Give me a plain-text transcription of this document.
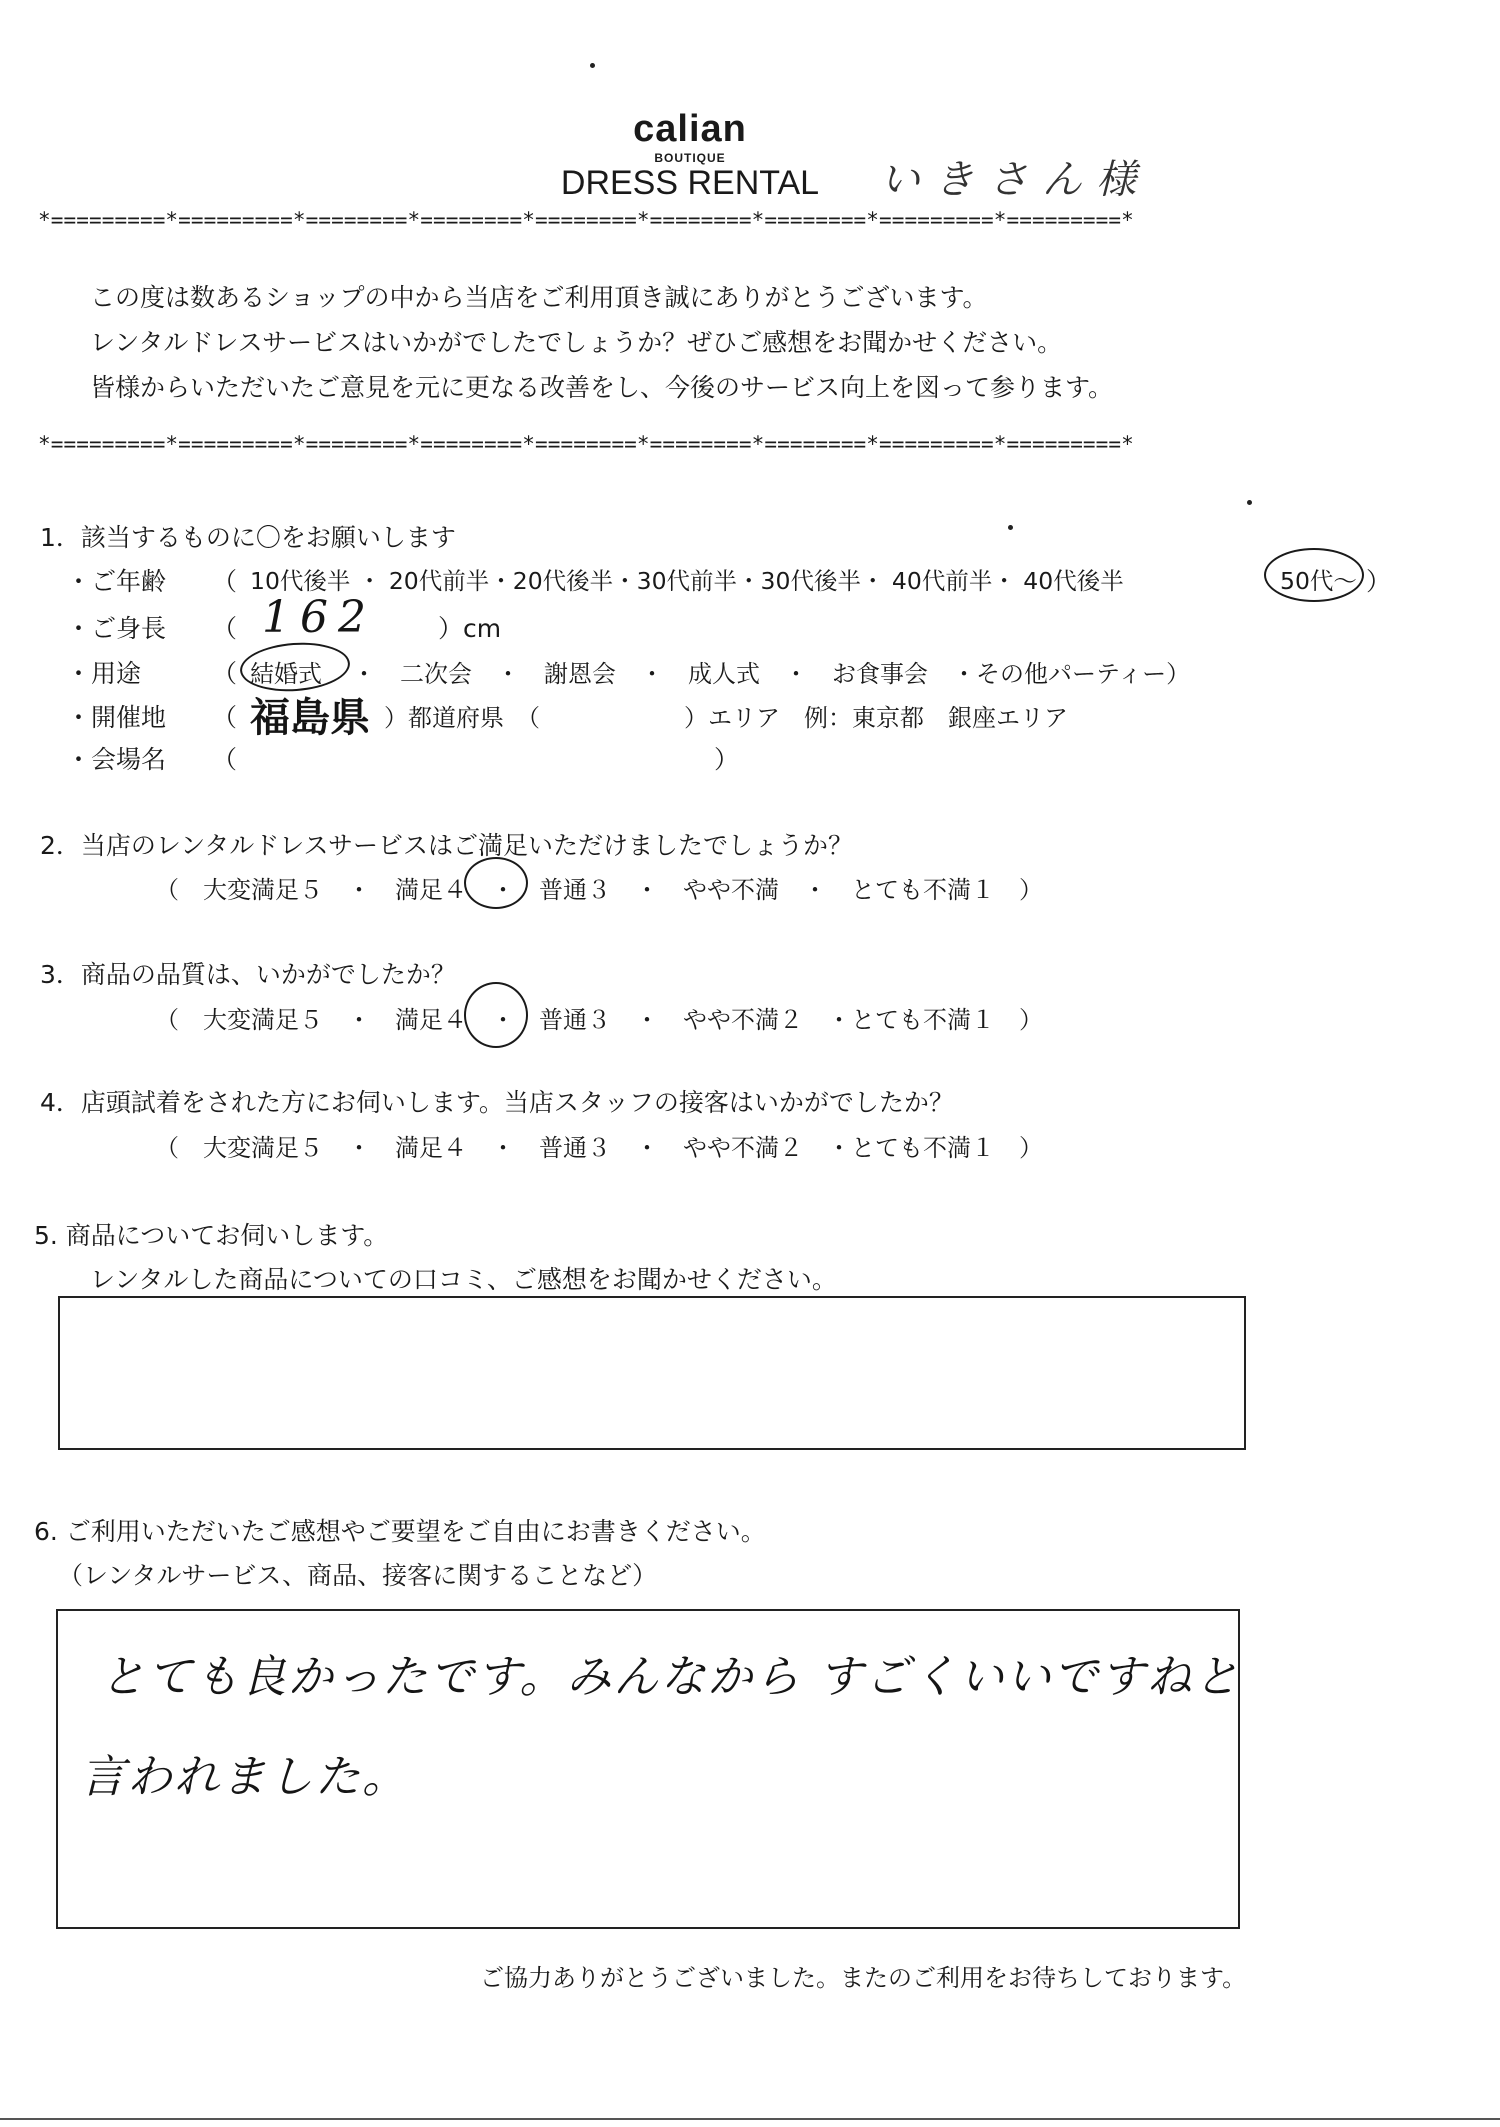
calian
BOUTIQUE
DRESS RENTAL	いきさん様
*=========*=========*========*========*========*========*========*=========*=========*
この度は数あるショップの中から当店をご利用頂き誠にありがとうございます。
レンタルドレスサービスはいかがでしたでしょうか？ぜひご感想をお聞かせください。
皆様からいただいたご意見を元に更なる改善をし、今後のサービス向上を図って参ります。
*=========*=========*========*========*========*========*========*=========*=========*
1．該当するものに〇をお願いします
・ご年齢 （ 10代後半 ・ 20代前半・20代後半・30代前半・30代後半・ 40代前半・ 40代後半	50代～ ）
・ご身長 （ 162 ）cm
・用途	（ 結婚式 ・　二次会　・　謝恩会　・　成人式　・　お食事会　・その他パーティー）
・開催地 （ 福島県 ）都道府県　（　　　　　　）エリア　例：東京都　銀座エリア
・会場名 （	）
2．当店のレンタルドレスサービスはご満足いただけましたでしょうか？
（　大変満足５　・　満足４　・　普通３　・　やや不満　・　とても不満１　）
3．商品の品質は、いかがでしたか？
（　大変満足５　・　満足４　・　普通３　・　やや不満２　・とても不満１　）
4．店頭試着をされた方にお伺いします。当店スタッフの接客はいかがでしたか？
（　大変満足５　・　満足４　・　普通３　・　やや不満２　・とても不満１　）
5. 商品についてお伺いします。
レンタルした商品についての口コミ、ご感想をお聞かせください。
6. ご利用いただいたご感想やご要望をご自由にお書きください。
（レンタルサービス、商品、接客に関することなど）
とても良かったです。みんなから すごくいいですねと
言われました。
ご協力ありがとうございました。またのご利用をお待ちしております。
